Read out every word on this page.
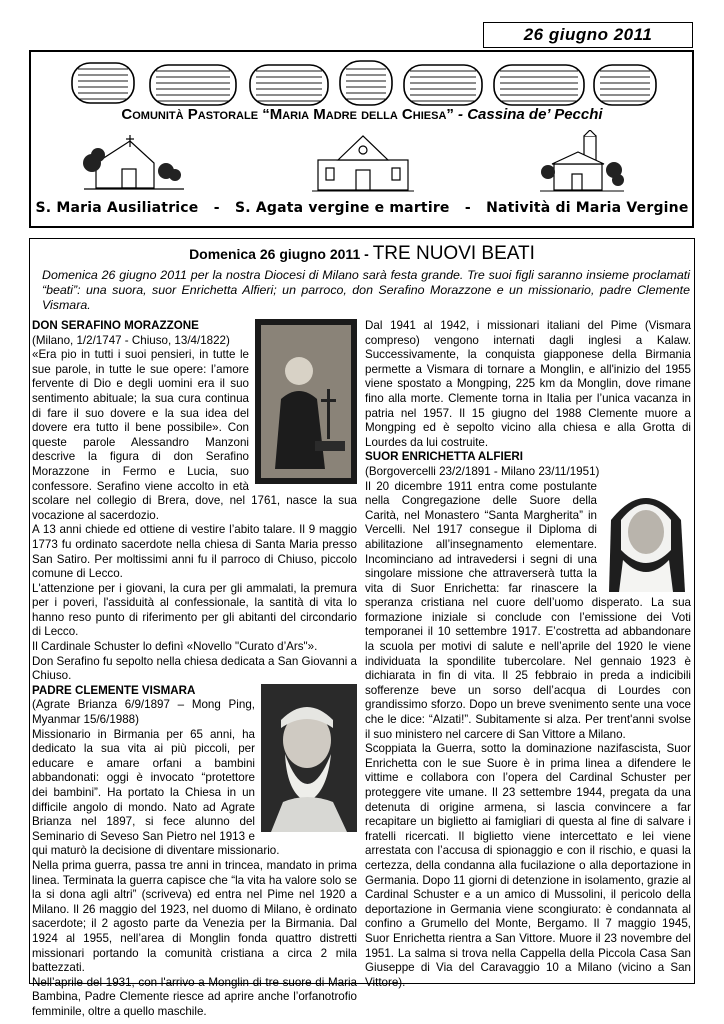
26 giugno 2011
Comunità Pastorale “Maria Madre della Chiesa” - Cassina de’ Pecchi
S. Maria Ausiliatrice   -   S. Agata vergine e martire   -   Natività di Maria Vergine
Domenica 26 giugno 2011 - TRE NUOVI BEATI
Domenica 26 giugno 2011 per la nostra Diocesi di Milano sarà festa grande. Tre suoi figli saranno insieme proclamati “beati”: una suora, suor Enrichetta Alfieri; un parroco, don Serafino Morazzone e un missionario, padre Clemente Vismara.

DON SERAFINO MORAZZONE

(Milano, 1/2/1747 - Chiuso, 13/4/1822)

«Era pio in tutti i suoi pensieri, in tutte le sue parole, in tutte le sue opere: l’amore fervente di Dio e degli uomini era il suo sentimento abituale; la sua cura continua di fare il suo dovere e la sua idea del dovere era tutto il bene possibile». Con queste parole Alessandro Manzoni descrive la figura di don Serafino Morazzone in Fermo e Lucia, suo confessore. Serafino viene accolto in età scolare nel collegio di Brera, dove, nel 1761, nasce la sua vocazione al sacerdozio.

A 13 anni chiede ed ottiene di vestire l’abito talare. Il 9 maggio 1773 fu ordinato sacerdote nella chiesa di Santa Maria presso San Satiro. Per moltissimi anni fu il parroco di Chiuso, piccolo comune di Lecco.

L'attenzione per i giovani, la cura per gli ammalati, la premura per i poveri, l'assiduità al confessionale, la santità di vita lo hanno reso punto di riferimento per gli abitanti del circondario di Lecco.

Il Cardinale Schuster lo definì «Novello "Curato d’Ars"».

Don Serafino fu sepolto nella chiesa dedicata a San Giovanni a Chiuso.

PADRE CLEMENTE VISMARA

(Agrate Brianza 6/9/1897 – Mong Ping, Myanmar 15/6/1988)

Missionario in Birmania per 65 anni, ha dedicato la sua vita ai più piccoli, per educare e amare orfani a bambini abbandonati: oggi è invocato “protettore dei bambini”. Ha portato la Chiesa in un difficile angolo di mondo. Nato ad Agrate Brianza nel 1897, si fece alunno del Seminario di Seveso San Pietro nel 1913 e qui maturò la decisione di diventare missionario.

Nella prima guerra, passa tre anni in trincea, mandato in prima linea. Terminata la guerra capisce che “la vita ha valore solo se la si dona agli altri” (scriveva) ed entra nel Pime nel 1920 a Milano. Il 26 maggio del 1923, nel duomo di Milano, è ordinato sacerdote; il 2 agosto parte da Venezia per la Birmania. Dal 1924 al 1955, nell’area di Monglin fonda quattro distretti missionari portando la comunità cristiana a circa 2 mila battezzati.

Nell’aprile del 1931, con l'arrivo a Monglin di tre suore di Maria Bambina, Padre Clemente riesce ad aprire anche l’orfanotrofio femminile, oltre a quello maschile.

Dal 1941 al 1942, i missionari italiani del Pime (Vismara compreso) vengono internati dagli inglesi a Kalaw. Successivamente, la conquista giapponese della Birmania permette a Vismara di tornare a Monglin, e all'inizio del 1955 viene spostato a Mongping, 225 km da Monglin, dove rimane fino alla morte. Clemente torna in Italia per l’unica vacanza in patria nel 1957. Il 15 giugno del 1988 Clemente muore a Mongping ed è sepolto vicino alla chiesa e alla Grotta di Lourdes da lui costruite.

SUOR ENRICHETTA ALFIERI

(Borgovercelli 23/2/1891 - Milano 23/11/1951)

Il 20 dicembre 1911 entra come postulante nella Congregazione delle Suore della Carità, nel Monastero “Santa Margherita” in Vercelli. Nel 1917 consegue il Diploma di abilitazione all’insegnamento elementare. Incominciano ad intravedersi i segni di una singolare missione che attraverserà tutta la vita di Suor Enrichetta: far rinascere la speranza cristiana nel cuore dell’uomo disperato. La sua formazione iniziale si conclude con l’emissione dei Voti temporanei il 10 settembre 1917. E’costretta ad abbandonare la scuola per motivi di salute e nell’aprile del 1920 le viene individuata la spondilite tubercolare. Nel gennaio 1923 è dichiarata in fin di vita. Il 25 febbraio in preda a indicibili sofferenze beve un sorso dell’acqua di Lourdes con grandissimo sforzo. Dopo un breve svenimento sente una voce che le dice: “Alzati!”. Subitamente si alza. Per trent'anni svolse il suo ministero nel carcere di San Vittore a Milano.

Scoppiata la Guerra, sotto la dominazione nazifascista, Suor Enrichetta con le sue Suore è in prima linea a difendere le vittime e collabora con l’opera del Cardinal Schuster per proteggere vite umane. Il 23 settembre 1944, pregata da una detenuta di origine armena, si lascia convincere a far recapitare un biglietto ai famigliari di questa al fine di salvare i fratelli ricercati. Il biglietto viene intercettato e lei viene arrestata con l’accusa di spionaggio e con il rischio, e quasi la certezza, della condanna alla fucilazione o alla deportazione in Germania. Dopo 11 giorni di detenzione in isolamento, grazie al Cardinal Schuster e a un amico di Mussolini, il pericolo della deportazione in Germania viene scongiurato: è condannata al confino a Grumello del Monte, Bergamo. Il 7 maggio 1945, Suor Enrichetta rientra a San Vittore. Muore il 23 novembre del 1951. La salma si trova nella Cappella della Piccola Casa San Giuseppe di Via del Caravaggio 10 a Milano (vicino a San Vittore).
